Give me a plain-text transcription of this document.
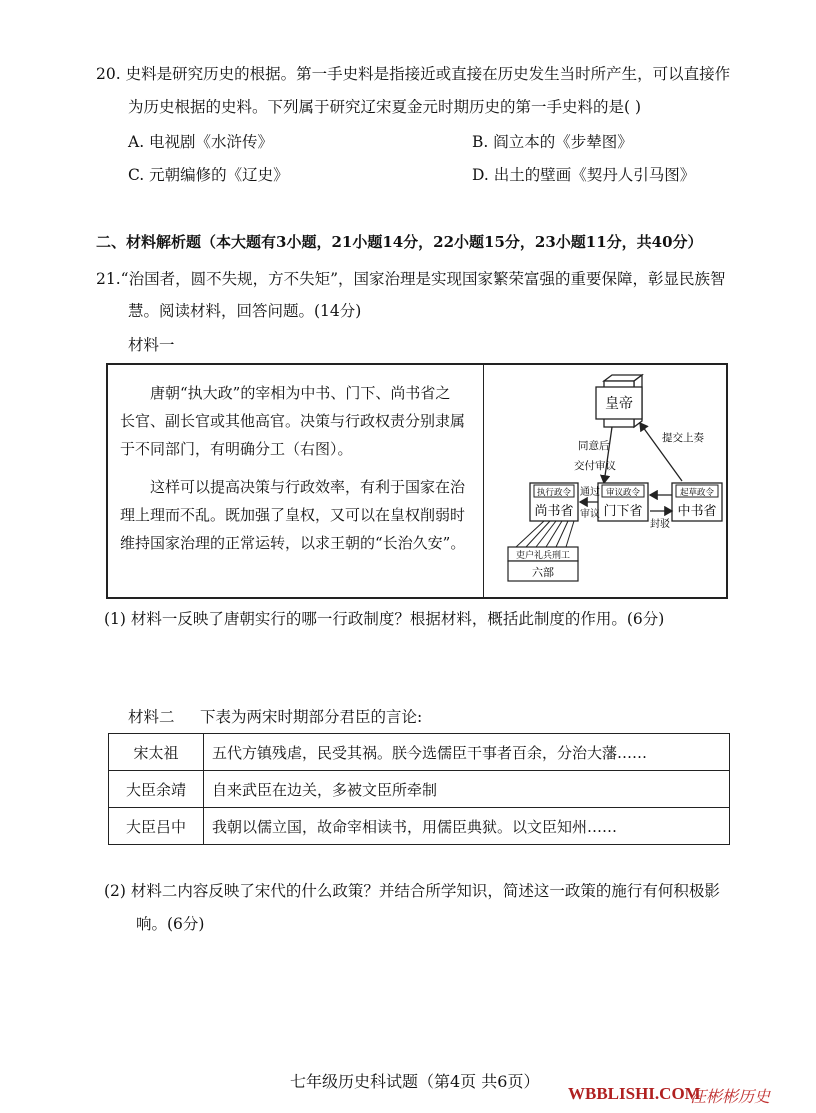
20. 史料是研究历史的根据。第一手史料是指接近或直接在历史发生当时所产生，可以直接作
为历史根据的史料。下列属于研究辽宋夏金元时期历史的第一手史料的是( )
A. 电视剧《水浒传》	B. 阎立本的《步辇图》
C. 元朝编修的《辽史》	D. 出土的壁画《契丹人引马图》
二、材料解析题（本大题有3小题，21小题14分，22小题15分，23小题11分，共40分）
21.“治国者，圆不失规，方不失矩”，国家治理是实现国家繁荣富强的重要保障，彰显民族智
慧。阅读材料，回答问题。(14分)
材料一
唐朝“执大政”的宰相为中书、门下、尚书省之
长官、副长官或其他高官。决策与行政权责分别隶属
于不同部门，有明确分工（右图）。
这样可以提高决策与行政效率，有利于国家在治
理上理而不乱。既加强了皇权，又可以在皇权削弱时
维持国家治理的正常运转，以求王朝的“长治久安”。
皇帝
同意后
交付审议
提交上奏
执行政令
尚书省
审议政令
门下省
起草政令
中书省
通过
审议
封驳
吏户礼兵刑工
六部
(1) 材料一反映了唐朝实行的哪一行政制度？根据材料，概括此制度的作用。(6分)
材料二 下表为两宋时期部分君臣的言论:
宋太祖	五代方镇残虐，民受其祸。朕今选儒臣干事者百余，分治大藩……
大臣余靖	自来武臣在边关，多被文臣所牵制
大臣吕中	我朝以儒立国，故命宰相读书，用儒臣典狱。以文臣知州……
(2) 材料二内容反映了宋代的什么政策？并结合所学知识，简述这一政策的施行有何积极影
响。(6分)
七年级历史科试题（第4页 共6页）
WBBLISHI.COM
汪彬彬历史
